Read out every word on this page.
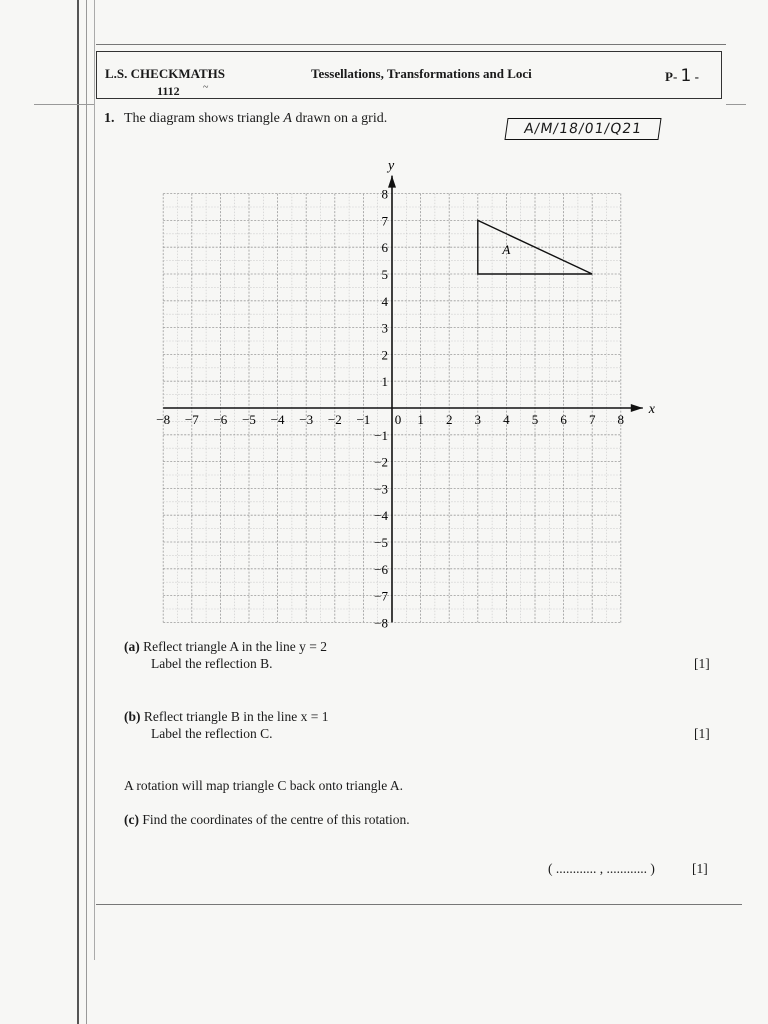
L.S. CHECKMATHS
1112 ~
Tessellations, Transformations and Loci	P- 1 -
1. The diagram shows triangle A drawn on a grid.
A/M/18/01/Q21
x
y
−8 −7 −6 −5 −4 −3 −2 −1 0 1 2 3 4 5 6 7 8
8
7
6
5
4
3
2
1
−1
−2
−3
−4
−5
−6
−7
−8
A
(a) Reflect triangle A in the line y = 2
Label the reflection B.	[1]
(b) Reflect triangle B in the line x = 1
Label the reflection C.	[1]
A rotation will map triangle C back onto triangle A.
(c) Find the coordinates of the centre of this rotation.
( ............ , ............ )	[1]
